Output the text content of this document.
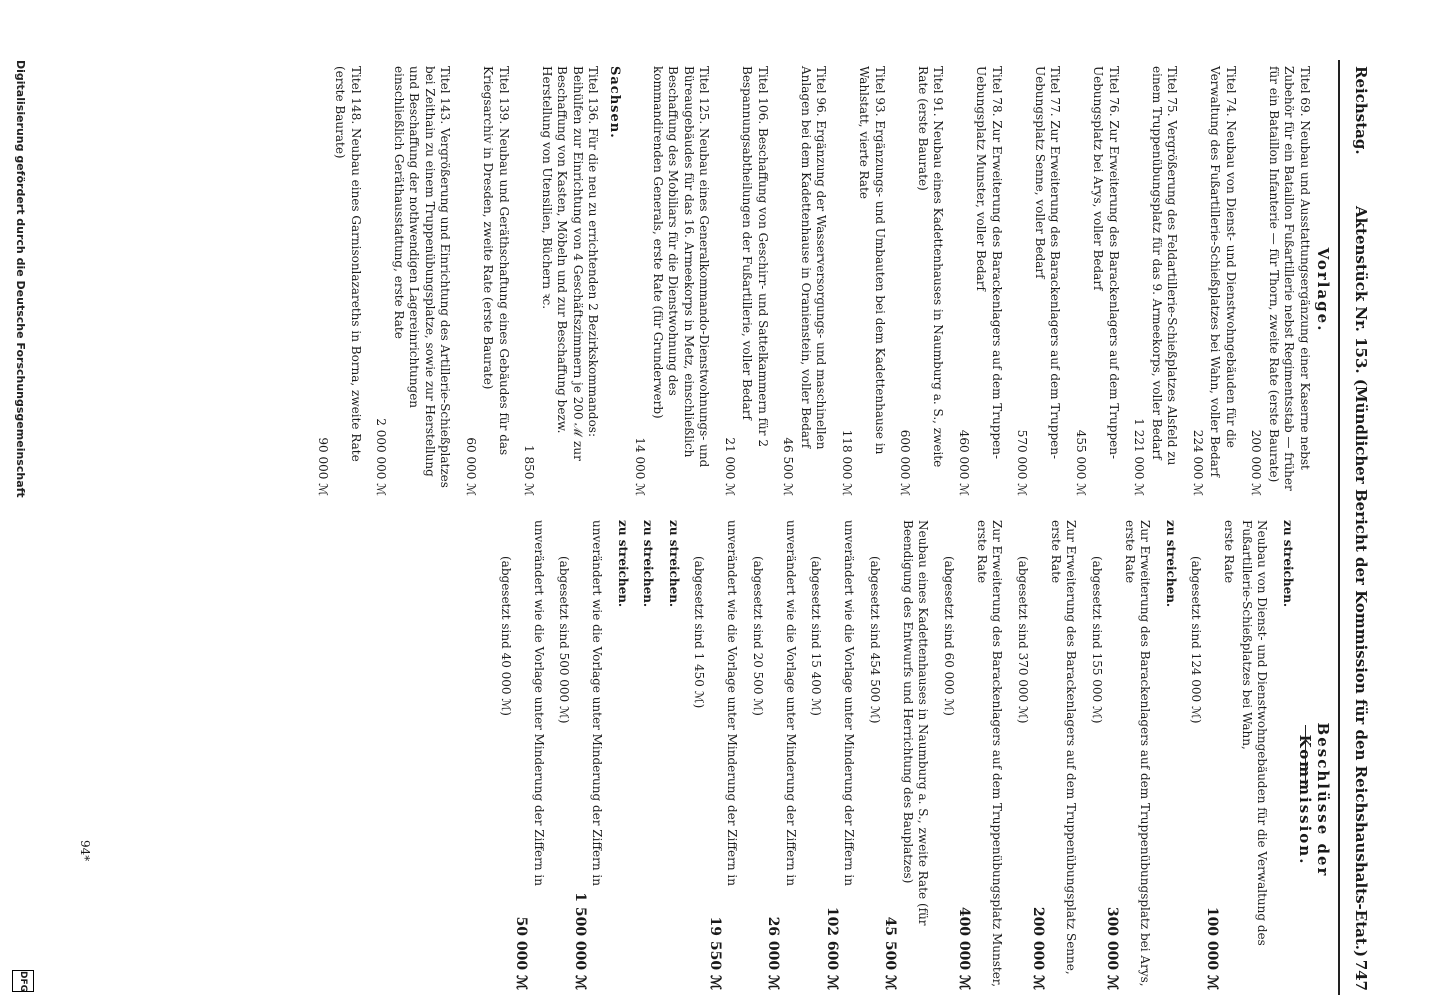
Reichstag.
Aktenstück Nr. 153. (Mündlicher Bericht der Kommission für den Reichshaushalts-Etat.)
747
Vorlage.
Beschlüsse der Kommission.

Titel 69. Neubau und Ausstattungsergänzung einer Kaserne nebst Zubehör für ein Bataillon Fußartillerie nebst Regimentsstab — früher für ein Bataillon Infanterie — für Thorn, zweite Rate (erste Baurate)

200 000 ℳ

Titel 74. Neubau von Dienst- und Dienstwohngebäuden für die Verwaltung des Fußartillerie-Schießplatzes bei Wahn, voller Bedarf

224 000 ℳ

Titel 75. Vergrößerung des Feldartillerie-Schießplatzes Alsfeld zu einem Truppenübungsplatz für das 9. Armeekorps, voller Bedarf

1 221 000 ℳ

Titel 76. Zur Erweiterung des Barackenlagers auf dem Truppen-Uebungsplatz bei Arys, voller Bedarf

455 000 ℳ

Titel 77. Zur Erweiterung des Barackenlagers auf dem Truppen-Uebungsplatz Senne, voller Bedarf

570 000 ℳ

Titel 78. Zur Erweiterung des Barackenlagers auf dem Truppen-Uebungsplatz Munster, voller Bedarf

460 000 ℳ

Titel 91. Neubau eines Kadettenhauses in Naumburg a. S., zweite Rate (erste Baurate)

600 000 ℳ

Titel 93. Ergänzungs- und Umbauten bei dem Kadettenhause in Wahlstatt, vierte Rate

118 000 ℳ

Titel 96. Ergänzung der Wasserversorgungs- und maschinellen Anlagen bei dem Kadettenhause in Oranienstein, voller Bedarf

46 500 ℳ

Titel 106. Beschaffung von Geschirr- und Sattelkammern für 2 Bespannungsabtheilungen der Fußartillerie, voller Bedarf

21 000 ℳ

Titel 125. Neubau eines Generalkommando-Dienstwohnungs- und Büreaugebäudes für das 16. Armeekorps in Metz, einschließlich Beschaffung des Mobiliars für die Dienstwohnung des kommandirenden Generals, erste Rate (für Grunderwerb)

14 000 ℳ
Sachsen.

Titel 136. Für die neu zu errichtenden 2 Bezirkskommandos: Beihülfen zur Einrichtung von 4 Geschäftszimmern je 200 ℳ zur Beschaffung von Kasten, Möbeln und zur Beschaffung bezw. Herstellung von Utensilien, Büchern ꝛc.

1 850 ℳ

Titel 139. Neubau und Geräthschaftung eines Gebäudes für das Kriegsarchiv in Dresden, zweite Rate (erste Baurate)

60 000 ℳ

Titel 143. Vergrößerung und Einrichtung des Artillerie-Schießplatzes bei Zeithain zu einem Truppenübungsplatze, sowie zur Herstellung und Beschaffung der nothwendigen Lagereinrichtungen einschließlich Geräthausstattung, erste Rate

2 000 000 ℳ

Titel 148. Neubau eines Garnisonlazareths in Borna, zweite Rate (erste Baurate)

90 000 ℳ

zu streichen.

Neubau von Dienst- und Dienstwohngebäuden für die Verwaltung des Fußartillerie-Schießplatzes bei Wahn,

erste Rate

100 000 ℳ
(abgesetzt sind 124 000 ℳ)

zu streichen.

Zur Erweiterung des Barackenlagers auf dem Truppenübungsplatz bei Arys, erste Rate

300 000 ℳ
(abgesetzt sind 155 000 ℳ)

Zur Erweiterung des Barackenlagers auf dem Truppenübungsplatz Senne, erste Rate

200 000 ℳ
(abgesetzt sind 370 000 ℳ)

Zur Erweiterung des Barackenlagers auf dem Truppenübungsplatz Munster, erste Rate

400 000 ℳ
(abgesetzt sind 60 000 ℳ)

Neubau eines Kadettenhauses in Naumburg a. S., zweite Rate (für Beendigung des Entwurfs und Herrichtung des Bauplatzes)

45 500 ℳ
(abgesetzt sind 454 500 ℳ)

unverändert wie die Vorlage unter Minderung der Ziffern in

102 600 ℳ
(abgesetzt sind 15 400 ℳ)

unverändert wie die Vorlage unter Minderung der Ziffern in

26 000 ℳ
(abgesetzt sind 20 500 ℳ)

unverändert wie die Vorlage unter Minderung der Ziffern in

19 550 ℳ
(abgesetzt sind 1 450 ℳ)

zu streichen.

zu streichen.

zu streichen.

unverändert wie die Vorlage unter Minderung der Ziffern in

1 500 000 ℳ
(abgesetzt sind 500 000 ℳ)

unverändert wie die Vorlage unter Minderung der Ziffern in

50 000 ℳ
(abgesetzt sind 40 000 ℳ)
94*
Digitalisierung gefördert durch die Deutsche Forschungsgemeinschaft
DFG
